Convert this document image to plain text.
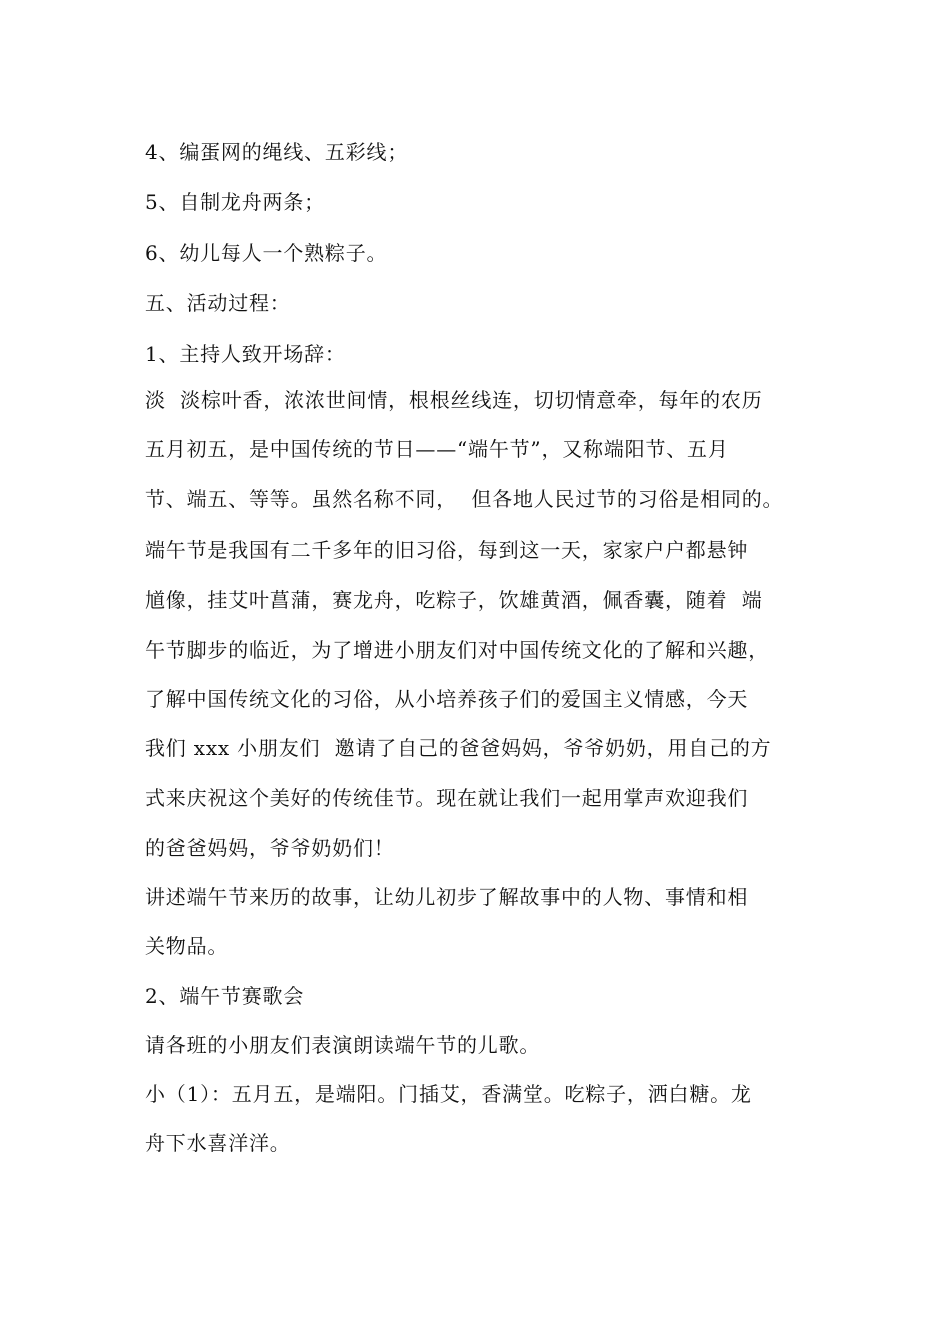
4、编蛋网的绳线、五彩线；
5、自制龙舟两条；
6、幼儿每人一个熟粽子。
五、活动过程：
1、主持人致开场辞：
淡  淡棕叶香，浓浓世间情，根根丝线连，切切情意牵，每年的农历
五月初五，是中国传统的节日——“端午节”，又称端阳节、五月
节、端五、等等。虽然名称不同，  但各地人民过节的习俗是相同的。
端午节是我国有二千多年的旧习俗，每到这一天，家家户户都悬钟
馗像，挂艾叶菖蒲，赛龙舟，吃粽子，饮雄黄酒，佩香囊，随着  端
午节脚步的临近，为了增进小朋友们对中国传统文化的了解和兴趣，
了解中国传统文化的习俗，从小培养孩子们的爱国主义情感，今天
我们 xxx 小朋友们  邀请了自己的爸爸妈妈，爷爷奶奶，用自己的方
式来庆祝这个美好的传统佳节。现在就让我们一起用掌声欢迎我们
的爸爸妈妈，爷爷奶奶们！
讲述端午节来历的故事，让幼儿初步了解故事中的人物、事情和相
关物品。
2、端午节赛歌会
请各班的小朋友们表演朗读端午节的儿歌。
小（1）：五月五，是端阳。门插艾，香满堂。吃粽子，洒白糖。龙
舟下水喜洋洋。
